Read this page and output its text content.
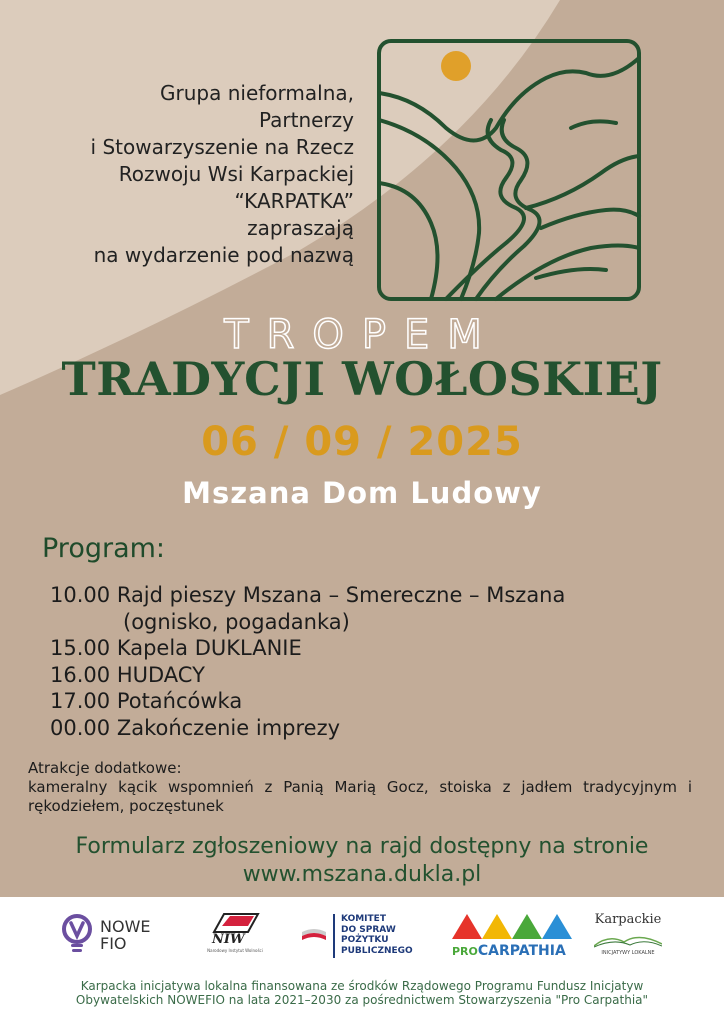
Grupa nieformalna,
Partnerzy
i Stowarzyszenie na Rzecz
Rozwoju Wsi Karpackiej
“KARPATKA”
zapraszają
na wydarzenie pod nazwą
TROPEM
TRADYCJI WOŁOSKIEJ
06 / 09 / 2025
Mszana Dom Ludowy
Program:
10.00 Rajd pieszy Mszana – Smereczne – Mszana
(ognisko, pogadanka)
15.00 Kapela DUKLANIE
16.00 HUDACY
17.00 Potańcówka
00.00 Zakończenie imprezy
Atrakcje dodatkowe:
kameralny kącik wspomnień z Panią Marią Gocz, stoiska z jadłem tradycyjnym i rękodziełem, poczęstunek
Formularz zgłoszeniowy na rajd dostępny na stronie
www.mszana.dukla.pl
NOWE
FIO	NIW
Narodowy Instytut Wolności
KOMITET
DO SPRAW
POŻYTKU
PUBLICZNEGO	PROCARPATHIA
Karpackie
INICJATYWY LOKALNE
Karpacka inicjatywa lokalna finansowana ze środków Rządowego Programu Fundusz Inicjatyw
Obywatelskich NOWEFIO na lata 2021–2030 za pośrednictwem Stowarzyszenia "Pro Carpathia"
